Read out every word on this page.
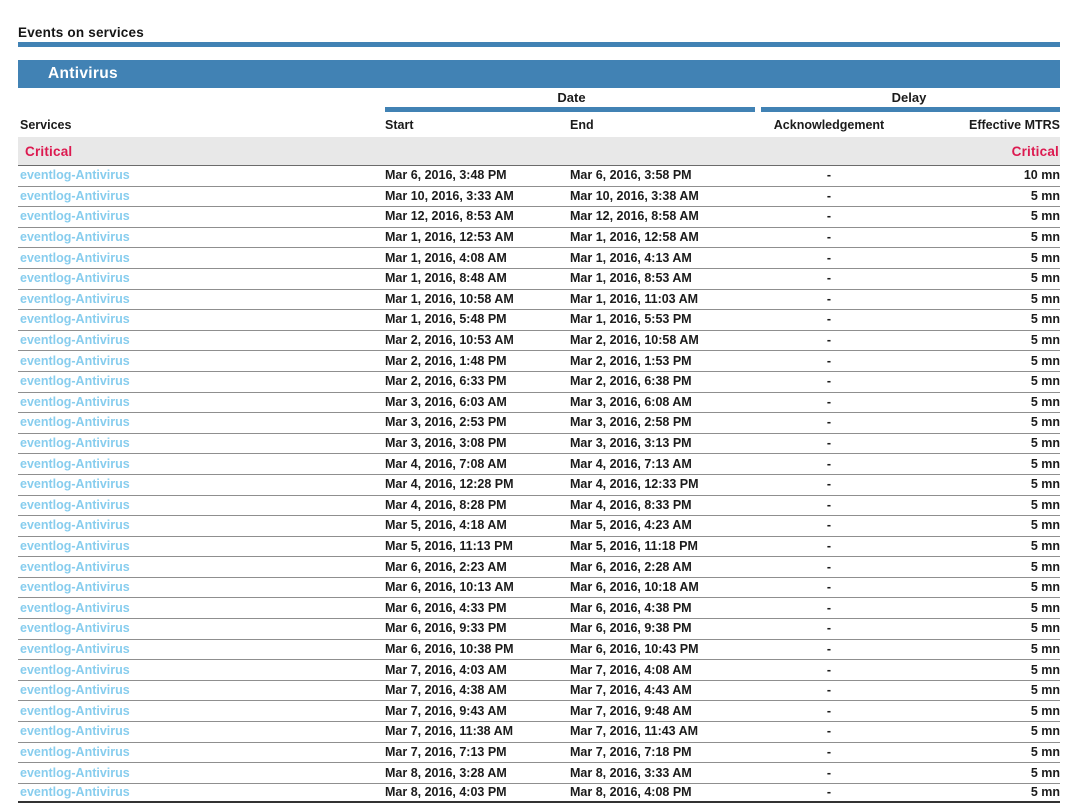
Events on services
Antivirus
Date	Delay
Services	Start	End	Acknowledgement	Effective MTRS
Critical	Critical
eventlog-Antivirus	Mar 6, 2016, 3:48 PM	Mar 6, 2016, 3:58 PM	-	10 mn
eventlog-Antivirus	Mar 10, 2016, 3:33 AM	Mar 10, 2016, 3:38 AM	-	5 mn
eventlog-Antivirus	Mar 12, 2016, 8:53 AM	Mar 12, 2016, 8:58 AM	-	5 mn
eventlog-Antivirus	Mar 1, 2016, 12:53 AM	Mar 1, 2016, 12:58 AM	-	5 mn
eventlog-Antivirus	Mar 1, 2016, 4:08 AM	Mar 1, 2016, 4:13 AM	-	5 mn
eventlog-Antivirus	Mar 1, 2016, 8:48 AM	Mar 1, 2016, 8:53 AM	-	5 mn
eventlog-Antivirus	Mar 1, 2016, 10:58 AM	Mar 1, 2016, 11:03 AM	-	5 mn
eventlog-Antivirus	Mar 1, 2016, 5:48 PM	Mar 1, 2016, 5:53 PM	-	5 mn
eventlog-Antivirus	Mar 2, 2016, 10:53 AM	Mar 2, 2016, 10:58 AM	-	5 mn
eventlog-Antivirus	Mar 2, 2016, 1:48 PM	Mar 2, 2016, 1:53 PM	-	5 mn
eventlog-Antivirus	Mar 2, 2016, 6:33 PM	Mar 2, 2016, 6:38 PM	-	5 mn
eventlog-Antivirus	Mar 3, 2016, 6:03 AM	Mar 3, 2016, 6:08 AM	-	5 mn
eventlog-Antivirus	Mar 3, 2016, 2:53 PM	Mar 3, 2016, 2:58 PM	-	5 mn
eventlog-Antivirus	Mar 3, 2016, 3:08 PM	Mar 3, 2016, 3:13 PM	-	5 mn
eventlog-Antivirus	Mar 4, 2016, 7:08 AM	Mar 4, 2016, 7:13 AM	-	5 mn
eventlog-Antivirus	Mar 4, 2016, 12:28 PM	Mar 4, 2016, 12:33 PM	-	5 mn
eventlog-Antivirus	Mar 4, 2016, 8:28 PM	Mar 4, 2016, 8:33 PM	-	5 mn
eventlog-Antivirus	Mar 5, 2016, 4:18 AM	Mar 5, 2016, 4:23 AM	-	5 mn
eventlog-Antivirus	Mar 5, 2016, 11:13 PM	Mar 5, 2016, 11:18 PM	-	5 mn
eventlog-Antivirus	Mar 6, 2016, 2:23 AM	Mar 6, 2016, 2:28 AM	-	5 mn
eventlog-Antivirus	Mar 6, 2016, 10:13 AM	Mar 6, 2016, 10:18 AM	-	5 mn
eventlog-Antivirus	Mar 6, 2016, 4:33 PM	Mar 6, 2016, 4:38 PM	-	5 mn
eventlog-Antivirus	Mar 6, 2016, 9:33 PM	Mar 6, 2016, 9:38 PM	-	5 mn
eventlog-Antivirus	Mar 6, 2016, 10:38 PM	Mar 6, 2016, 10:43 PM	-	5 mn
eventlog-Antivirus	Mar 7, 2016, 4:03 AM	Mar 7, 2016, 4:08 AM	-	5 mn
eventlog-Antivirus	Mar 7, 2016, 4:38 AM	Mar 7, 2016, 4:43 AM	-	5 mn
eventlog-Antivirus	Mar 7, 2016, 9:43 AM	Mar 7, 2016, 9:48 AM	-	5 mn
eventlog-Antivirus	Mar 7, 2016, 11:38 AM	Mar 7, 2016, 11:43 AM	-	5 mn
eventlog-Antivirus	Mar 7, 2016, 7:13 PM	Mar 7, 2016, 7:18 PM	-	5 mn
eventlog-Antivirus	Mar 8, 2016, 3:28 AM	Mar 8, 2016, 3:33 AM	-	5 mn
eventlog-Antivirus	Mar 8, 2016, 4:03 PM	Mar 8, 2016, 4:08 PM	-	5 mn
